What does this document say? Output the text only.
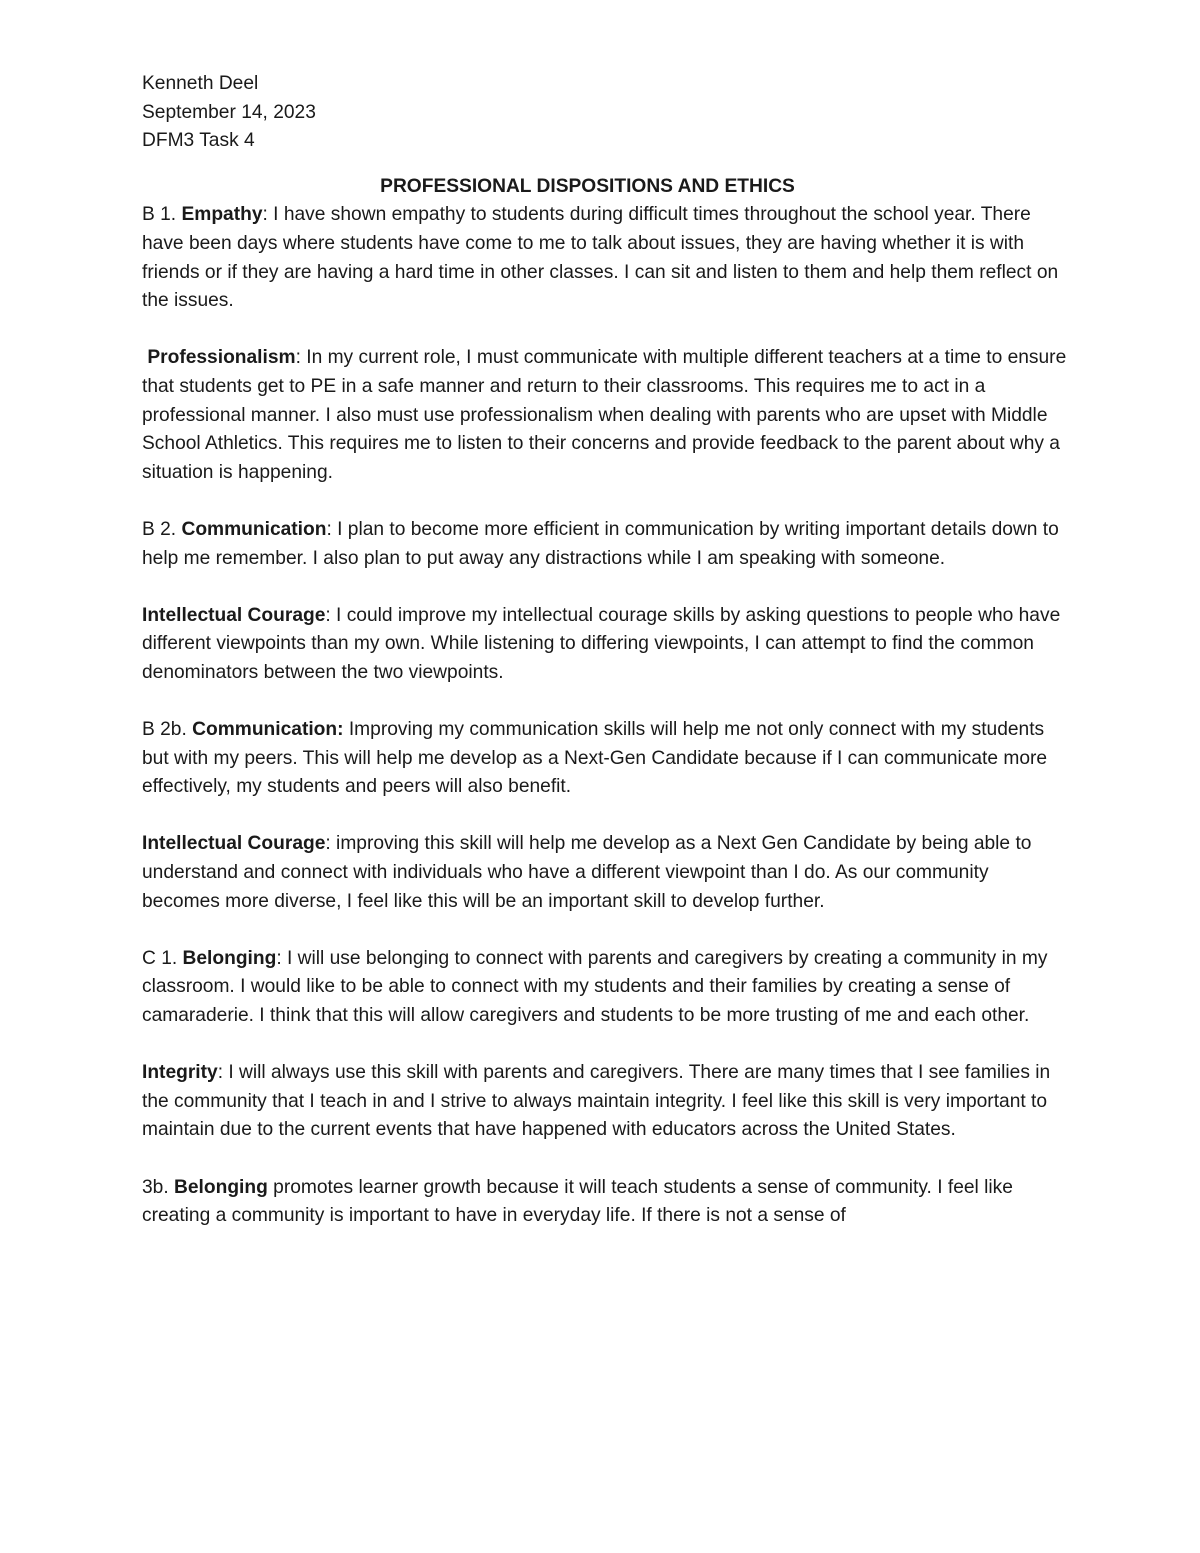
Kenneth Deel
September 14, 2023
DFM3 Task 4
PROFESSIONAL DISPOSITIONS AND ETHICS

B 1. Empathy: I have shown empathy to students during difficult times throughout the school year. There have been days where students have come to me to talk about issues, they are having whether it is with friends or if they are having a hard time in other classes. I can sit and listen to them and help them reflect on the issues.

Professionalism: In my current role, I must communicate with multiple different teachers at a time to ensure that students get to PE in a safe manner and return to their classrooms. This requires me to act in a professional manner. I also must use professionalism when dealing with parents who are upset with Middle School Athletics. This requires me to listen to their concerns and provide feedback to the parent about why a situation is happening.

B 2. Communication: I plan to become more efficient in communication by writing important details down to help me remember. I also plan to put away any distractions while I am speaking with someone.

Intellectual Courage: I could improve my intellectual courage skills by asking questions to people who have different viewpoints than my own. While listening to differing viewpoints, I can attempt to find the common denominators between the two viewpoints.

B 2b. Communication: Improving my communication skills will help me not only connect with my students but with my peers. This will help me develop as a Next-Gen Candidate because if I can communicate more effectively, my students and peers will also benefit.

Intellectual Courage: improving this skill will help me develop as a Next Gen Candidate by being able to understand and connect with individuals who have a different viewpoint than I do. As our community becomes more diverse, I feel like this will be an important skill to develop further.

C 1. Belonging: I will use belonging to connect with parents and caregivers by creating a community in my classroom. I would like to be able to connect with my students and their families by creating a sense of camaraderie. I think that this will allow caregivers and students to be more trusting of me and each other.

Integrity: I will always use this skill with parents and caregivers. There are many times that I see families in the community that I teach in and I strive to always maintain integrity. I feel like this skill is very important to maintain due to the current events that have happened with educators across the United States.

3b. Belonging promotes learner growth because it will teach students a sense of community. I feel like creating a community is important to have in everyday life. If there is not a sense of
